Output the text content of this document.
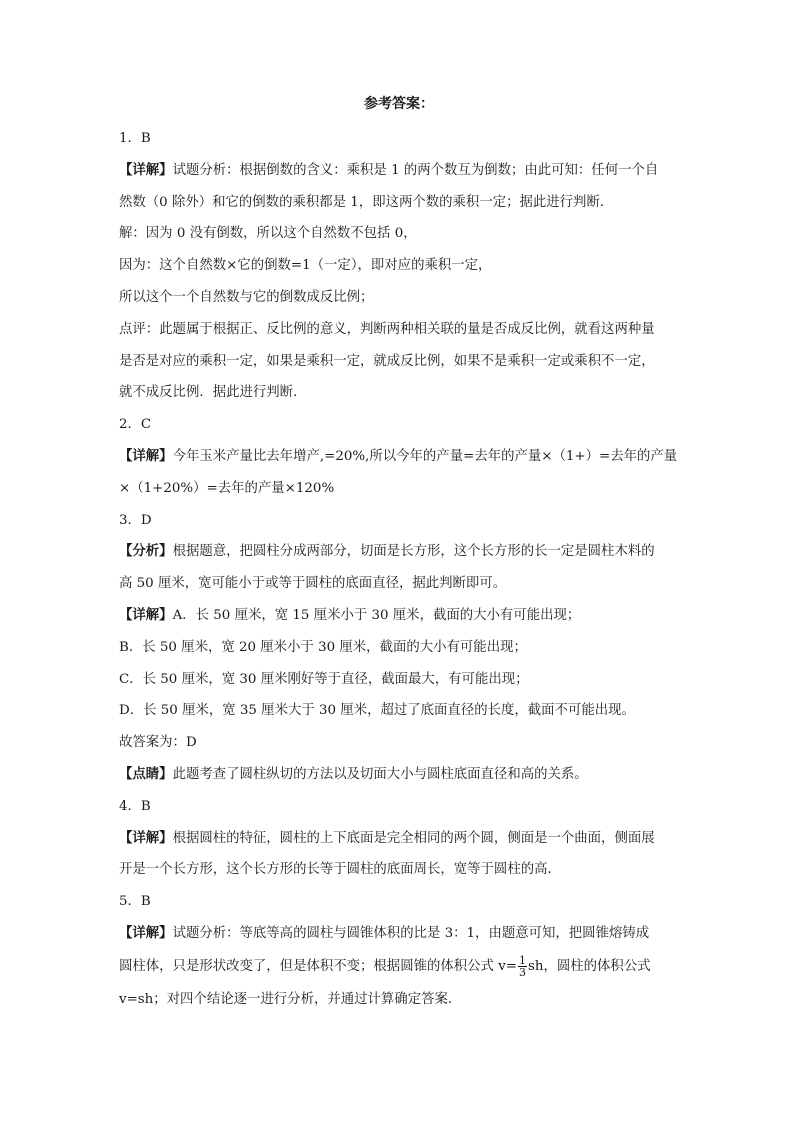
参考答案：
1．B
【详解】试题分析：根据倒数的含义：乘积是 1 的两个数互为倒数；由此可知：任何一个自
然数（0 除外）和它的倒数的乘积都是 1，即这两个数的乘积一定；据此进行判断．
解：因为 0 没有倒数，所以这个自然数不包括 0，
因为：这个自然数×它的倒数=1（一定），即对应的乘积一定，
所以这个一个自然数与它的倒数成反比例；
点评：此题属于根据正、反比例的意义，判断两种相关联的量是否成反比例，就看这两种量
是否是对应的乘积一定，如果是乘积一定，就成反比例，如果不是乘积一定或乘积不一定，
就不成反比例．据此进行判断．
2．C
【详解】今年玉米产量比去年增产,=20%,所以今年的产量=去年的产量×（1+）=去年的产量
×（1+20%）=去年的产量×120%
3．D
【分析】根据题意，把圆柱分成两部分，切面是长方形，这个长方形的长一定是圆柱木料的
高 50 厘米，宽可能小于或等于圆柱的底面直径，据此判断即可。
【详解】A．长 50 厘米，宽 15 厘米小于 30 厘米，截面的大小有可能出现；
B．长 50 厘米，宽 20 厘米小于 30 厘米，截面的大小有可能出现；
C．长 50 厘米，宽 30 厘米刚好等于直径，截面最大，有可能出现；
D．长 50 厘米，宽 35 厘米大于 30 厘米，超过了底面直径的长度，截面不可能出现。
故答案为：D
【点睛】此题考查了圆柱纵切的方法以及切面大小与圆柱底面直径和高的关系。
4．B
【详解】根据圆柱的特征，圆柱的上下底面是完全相同的两个圆，侧面是一个曲面，侧面展
开是一个长方形，这个长方形的长等于圆柱的底面周长，宽等于圆柱的高．
5．B
【详解】试题分析：等底等高的圆柱与圆锥体积的比是 3：1，由题意可知，把圆锥熔铸成
圆柱体，只是形状改变了，但是体积不变；根据圆锥的体积公式 $v= \frac{1}{3}$ sh，圆柱的体积公式
v=sh；对四个结论逐一进行分析，并通过计算确定答案．
